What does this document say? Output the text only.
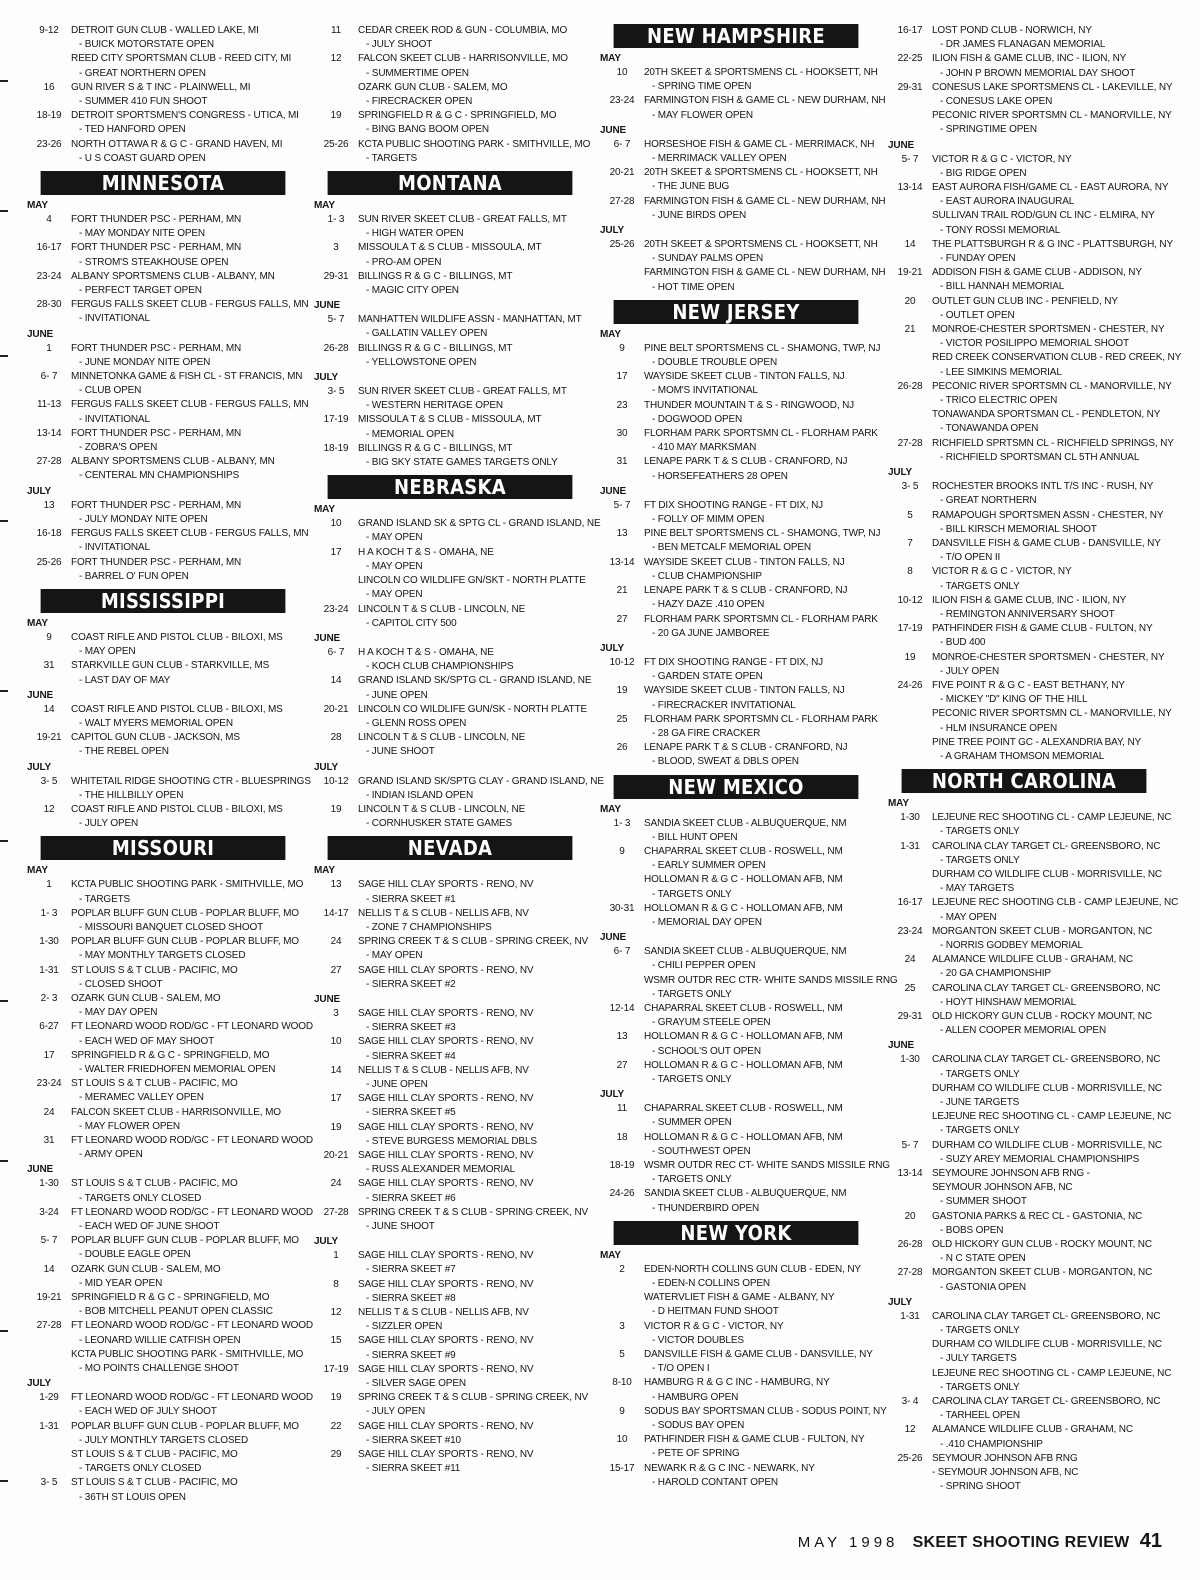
9-12	DETROIT GUN CLUB - WALLED LAKE, MI
- BUICK MOTORSTATE OPEN
REED CITY SPORTSMAN CLUB - REED CITY, MI
- GREAT NORTHERN OPEN
16	GUN RIVER S & T INC - PLAINWELL, MI
- SUMMER 410 FUN SHOOT
18-19 DETROIT SPORTSMEN'S CONGRESS - UTICA, MI
- TED HANFORD OPEN
23-26 NORTH OTTAWA R & G C - GRAND HAVEN, MI
- U S COAST GUARD OPEN
MINNESOTA
MAY
4	FORT THUNDER PSC - PERHAM, MN
- MAY MONDAY NITE OPEN
16-17 FORT THUNDER PSC - PERHAM, MN
- STROM'S STEAKHOUSE OPEN
23-24 ALBANY SPORTSMENS CLUB - ALBANY, MN
- PERFECT TARGET OPEN
28-30 FERGUS FALLS SKEET CLUB - FERGUS FALLS, MN
- INVITATIONAL
JUNE
1	FORT THUNDER PSC - PERHAM, MN
- JUNE MONDAY NITE OPEN
6- 7	MINNETONKA GAME & FISH CL - ST FRANCIS, MN
- CLUB OPEN
11-13 FERGUS FALLS SKEET CLUB - FERGUS FALLS, MN
- INVITATIONAL
13-14 FORT THUNDER PSC - PERHAM, MN
- ZOBRA'S OPEN
27-28 ALBANY SPORTSMENS CLUB - ALBANY, MN
- CENTERAL MN CHAMPIONSHIPS
JULY
13	FORT THUNDER PSC - PERHAM, MN
- JULY MONDAY NITE OPEN
16-18 FERGUS FALLS SKEET CLUB - FERGUS FALLS, MN
- INVITATIONAL
25-26 FORT THUNDER PSC - PERHAM, MN
- BARREL O' FUN OPEN
MISSISSIPPI
MAY
9	COAST RIFLE AND PISTOL CLUB - BILOXI, MS
- MAY OPEN
31	STARKVILLE GUN CLUB - STARKVILLE, MS
- LAST DAY OF MAY
JUNE
14	COAST RIFLE AND PISTOL CLUB - BILOXI, MS
- WALT MYERS MEMORIAL OPEN
19-21 CAPITOL GUN CLUB - JACKSON, MS
- THE REBEL OPEN
JULY
3- 5	WHITETAIL RIDGE SHOOTING CTR - BLUESPRINGS
- THE HILLBILLY OPEN
12	COAST RIFLE AND PISTOL CLUB - BILOXI, MS
- JULY OPEN
MISSOURI
MAY
1	KCTA PUBLIC SHOOTING PARK - SMITHVILLE, MO
- TARGETS
1- 3	POPLAR BLUFF GUN CLUB - POPLAR BLUFF, MO
- MISSOURI BANQUET CLOSED SHOOT
1-30	POPLAR BLUFF GUN CLUB - POPLAR BLUFF, MO
- MAY MONTHLY TARGETS CLOSED
1-31	ST LOUIS S & T CLUB - PACIFIC, MO
- CLOSED SHOOT
2- 3	OZARK GUN CLUB - SALEM, MO
- MAY DAY OPEN
6-27	FT LEONARD WOOD ROD/GC - FT LEONARD WOOD
- EACH WED OF MAY SHOOT
17	SPRINGFIELD R & G C - SPRINGFIELD, MO
- WALTER FRIEDHOFEN MEMORIAL OPEN
23-24 ST LOUIS S & T CLUB - PACIFIC, MO
- MERAMEC VALLEY OPEN
24	FALCON SKEET CLUB - HARRISONVILLE, MO
- MAY FLOWER OPEN
31	FT LEONARD WOOD ROD/GC - FT LEONARD WOOD
- ARMY OPEN
JUNE
1-30	ST LOUIS S & T CLUB - PACIFIC, MO
- TARGETS ONLY CLOSED
3-24	FT LEONARD WOOD ROD/GC - FT LEONARD WOOD
- EACH WED OF JUNE SHOOT
5- 7	POPLAR BLUFF GUN CLUB - POPLAR BLUFF, MO
- DOUBLE EAGLE OPEN
14	OZARK GUN CLUB - SALEM, MO
- MID YEAR OPEN
19-21 SPRINGFIELD R & G C - SPRINGFIELD, MO
- BOB MITCHELL PEANUT OPEN CLASSIC
27-28 FT LEONARD WOOD ROD/GC - FT LEONARD WOOD
- LEONARD WILLIE CATFISH OPEN
KCTA PUBLIC SHOOTING PARK - SMITHVILLE, MO
- MO POINTS CHALLENGE SHOOT
JULY
1-29	FT LEONARD WOOD ROD/GC - FT LEONARD WOOD
- EACH WED OF JULY SHOOT
1-31	POPLAR BLUFF GUN CLUB - POPLAR BLUFF, MO
- JULY MONTHLY TARGETS CLOSED
ST LOUIS S & T CLUB - PACIFIC, MO
- TARGETS ONLY CLOSED
3- 5	ST LOUIS S & T CLUB - PACIFIC, MO
- 36TH ST LOUIS OPEN
11	CEDAR CREEK ROD & GUN - COLUMBIA, MO
- JULY SHOOT
12	FALCON SKEET CLUB - HARRISONVILLE, MO
- SUMMERTIME OPEN
OZARK GUN CLUB - SALEM, MO
- FIRECRACKER OPEN
19	SPRINGFIELD R & G C - SPRINGFIELD, MO
- BING BANG BOOM OPEN
25-26 KCTA PUBLIC SHOOTING PARK - SMITHVILLE, MO
- TARGETS
MONTANA
MAY
1- 3	SUN RIVER SKEET CLUB - GREAT FALLS, MT
- HIGH WATER OPEN
3	MISSOULA T & S CLUB - MISSOULA, MT
- PRO-AM OPEN
29-31 BILLINGS R & G C - BILLINGS, MT
- MAGIC CITY OPEN
JUNE
5- 7	MANHATTEN WILDLIFE ASSN - MANHATTAN, MT
- GALLATIN VALLEY OPEN
26-28 BILLINGS R & G C - BILLINGS, MT
- YELLOWSTONE OPEN
JULY
3- 5	SUN RIVER SKEET CLUB - GREAT FALLS, MT
- WESTERN HERITAGE OPEN
17-19 MISSOULA T & S CLUB - MISSOULA, MT
- MEMORIAL OPEN
18-19 BILLINGS R & G C - BILLINGS, MT
- BIG SKY STATE GAMES TARGETS ONLY
NEBRASKA
MAY
10	GRAND ISLAND SK & SPTG CL - GRAND ISLAND, NE
- MAY OPEN
17	H A KOCH T & S - OMAHA, NE
- MAY OPEN
LINCOLN CO WILDLIFE GN/SKT - NORTH PLATTE
- MAY OPEN
23-24 LINCOLN T & S CLUB - LINCOLN, NE
- CAPITOL CITY 500
JUNE
6- 7	H A KOCH T & S - OMAHA, NE
- KOCH CLUB CHAMPIONSHIPS
14	GRAND ISLAND SK/SPTG CL - GRAND ISLAND, NE
- JUNE OPEN
20-21 LINCOLN CO WILDLIFE GUN/SK - NORTH PLATTE
- GLENN ROSS OPEN
28	LINCOLN T & S CLUB - LINCOLN, NE
- JUNE SHOOT
JULY
10-12 GRAND ISLAND SK/SPTG CLAY - GRAND ISLAND, NE
- INDIAN ISLAND OPEN
19	LINCOLN T & S CLUB - LINCOLN, NE
- CORNHUSKER STATE GAMES
NEVADA
MAY
13	SAGE HILL CLAY SPORTS - RENO, NV
- SIERRA SKEET #1
14-17 NELLIS T & S CLUB - NELLIS AFB, NV
- ZONE 7 CHAMPIONSHIPS
24	SPRING CREEK T & S CLUB - SPRING CREEK, NV
- MAY OPEN
27	SAGE HILL CLAY SPORTS - RENO, NV
- SIERRA SKEET #2
JUNE
3	SAGE HILL CLAY SPORTS - RENO, NV
- SIERRA SKEET #3
10	SAGE HILL CLAY SPORTS - RENO, NV
- SIERRA SKEET #4
14	NELLIS T & S CLUB - NELLIS AFB, NV
- JUNE OPEN
17	SAGE HILL CLAY SPORTS - RENO, NV
- SIERRA SKEET #5
19	SAGE HILL CLAY SPORTS - RENO, NV
- STEVE BURGESS MEMORIAL DBLS
20-21 SAGE HILL CLAY SPORTS - RENO, NV
- RUSS ALEXANDER MEMORIAL
24	SAGE HILL CLAY SPORTS - RENO, NV
- SIERRA SKEET #6
27-28 SPRING CREEK T & S CLUB - SPRING CREEK, NV
- JUNE SHOOT
JULY
1	SAGE HILL CLAY SPORTS - RENO, NV
- SIERRA SKEET #7
8	SAGE HILL CLAY SPORTS - RENO, NV
- SIERRA SKEET #8
12	NELLIS T & S CLUB - NELLIS AFB, NV
- SIZZLER OPEN
15	SAGE HILL CLAY SPORTS - RENO, NV
- SIERRA SKEET #9
17-19 SAGE HILL CLAY SPORTS - RENO, NV
- SILVER SAGE OPEN
19	SPRING CREEK T & S CLUB - SPRING CREEK, NV
- JULY OPEN
22	SAGE HILL CLAY SPORTS - RENO, NV
- SIERRA SKEET #10
29	SAGE HILL CLAY SPORTS - RENO, NV
- SIERRA SKEET #11
NEW HAMPSHIRE
MAY
10	20TH SKEET & SPORTSMENS CL - HOOKSETT, NH
- SPRING TIME OPEN
23-24 FARMINGTON FISH & GAME CL - NEW DURHAM, NH
- MAY FLOWER OPEN
JUNE
6- 7	HORSESHOE FISH & GAME CL - MERRIMACK, NH
- MERRIMACK VALLEY OPEN
20-21 20TH SKEET & SPORTSMENS CL - HOOKSETT, NH
- THE JUNE BUG
27-28 FARMINGTON FISH & GAME CL - NEW DURHAM, NH
- JUNE BIRDS OPEN
JULY
25-26 20TH SKEET & SPORTSMENS CL - HOOKSETT, NH
- SUNDAY PALMS OPEN
FARMINGTON FISH & GAME CL - NEW DURHAM, NH
- HOT TIME OPEN
NEW JERSEY
MAY
9	PINE BELT SPORTSMENS CL - SHAMONG, TWP, NJ
- DOUBLE TROUBLE OPEN
17	WAYSIDE SKEET CLUB - TINTON FALLS, NJ
- MOM'S INVITATIONAL
23	THUNDER MOUNTAIN T & S - RINGWOOD, NJ
- DOGWOOD OPEN
30	FLORHAM PARK SPORTSMN CL - FLORHAM PARK
- 410 MAY MARKSMAN
31	LENAPE PARK T & S CLUB - CRANFORD, NJ
- HORSEFEATHERS 28 OPEN
JUNE
5- 7	FT DIX SHOOTING RANGE - FT DIX, NJ
- FOLLY OF MIMM OPEN
13	PINE BELT SPORTSMENS CL - SHAMONG, TWP, NJ
- BEN METCALF MEMORIAL OPEN
13-14 WAYSIDE SKEET CLUB - TINTON FALLS, NJ
- CLUB CHAMPIONSHIP
21	LENAPE PARK T & S CLUB - CRANFORD, NJ
- HAZY DAZE .410 OPEN
27	FLORHAM PARK SPORTSMN CL - FLORHAM PARK
- 20 GA JUNE JAMBOREE
JULY
10-12 FT DIX SHOOTING RANGE - FT DIX, NJ
- GARDEN STATE OPEN
19	WAYSIDE SKEET CLUB - TINTON FALLS, NJ
- FIRECRACKER INVITATIONAL
25	FLORHAM PARK SPORTSMN CL - FLORHAM PARK
- 28 GA FIRE CRACKER
26	LENAPE PARK T & S CLUB - CRANFORD, NJ
- BLOOD, SWEAT & DBLS OPEN
NEW MEXICO
MAY
1- 3	SANDIA SKEET CLUB - ALBUQUERQUE, NM
- BILL HUNT OPEN
9	CHAPARRAL SKEET CLUB - ROSWELL, NM
- EARLY SUMMER OPEN
HOLLOMAN R & G C - HOLLOMAN AFB, NM
- TARGETS ONLY
30-31 HOLLOMAN R & G C - HOLLOMAN AFB, NM
- MEMORIAL DAY OPEN
JUNE
6- 7	SANDIA SKEET CLUB - ALBUQUERQUE, NM
- CHILI PEPPER OPEN
WSMR OUTDR REC CTR- WHITE SANDS MISSILE RNG
- TARGETS ONLY
12-14 CHAPARRAL SKEET CLUB - ROSWELL, NM
- GRAYUM STEELE OPEN
13	HOLLOMAN R & G C - HOLLOMAN AFB, NM
- SCHOOL'S OUT OPEN
27	HOLLOMAN R & G C - HOLLOMAN AFB, NM
- TARGETS ONLY
JULY
11	CHAPARRAL SKEET CLUB - ROSWELL, NM
- SUMMER OPEN
18	HOLLOMAN R & G C - HOLLOMAN AFB, NM
- SOUTHWEST OPEN
18-19 WSMR OUTDR REC CT- WHITE SANDS MISSILE RNG
- TARGETS ONLY
24-26 SANDIA SKEET CLUB - ALBUQUERQUE, NM
- THUNDERBIRD OPEN
NEW YORK
MAY
2	EDEN-NORTH COLLINS GUN CLUB - EDEN, NY
- EDEN-N COLLINS OPEN
WATERVLIET FISH & GAME - ALBANY, NY
- D HEITMAN FUND SHOOT
3	VICTOR R & G C - VICTOR, NY
- VICTOR DOUBLES
5	DANSVILLE FISH & GAME CLUB - DANSVILLE, NY
- T/O OPEN I
8-10	HAMBURG R & G C INC - HAMBURG, NY
- HAMBURG OPEN
9	SODUS BAY SPORTSMAN CLUB - SODUS POINT, NY
- SODUS BAY OPEN
10	PATHFINDER FISH & GAME CLUB - FULTON, NY
- PETE OF SPRING
15-17 NEWARK R & G C INC - NEWARK, NY
- HAROLD CONTANT OPEN
16-17 LOST POND CLUB - NORWICH, NY
- DR JAMES FLANAGAN MEMORIAL
22-25 ILION FISH & GAME CLUB, INC - ILION, NY
- JOHN P BROWN MEMORIAL DAY SHOOT
29-31 CONESUS LAKE SPORTSMENS CL - LAKEVILLE, NY
- CONESUS LAKE OPEN
PECONIC RIVER SPORTSMN CL - MANORVILLE, NY
- SPRINGTIME OPEN
JUNE
5- 7	VICTOR R & G C - VICTOR, NY
- BIG RIDGE OPEN
13-14 EAST AURORA FISH/GAME CL - EAST AURORA, NY
- EAST AURORA INAUGURAL
SULLIVAN TRAIL ROD/GUN CL INC - ELMIRA, NY
- TONY ROSSI MEMORIAL
14	THE PLATTSBURGH R & G INC - PLATTSBURGH, NY
- FUNDAY OPEN
19-21 ADDISON FISH & GAME CLUB - ADDISON, NY
- BILL HANNAH MEMORIAL
20	OUTLET GUN CLUB INC - PENFIELD, NY
- OUTLET OPEN
21	MONROE-CHESTER SPORTSMEN - CHESTER, NY
- VICTOR POSILIPPO MEMORIAL SHOOT
RED CREEK CONSERVATION CLUB - RED CREEK, NY
- LEE SIMKINS MEMORIAL
26-28 PECONIC RIVER SPORTSMN CL - MANORVILLE, NY
- TRICO ELECTRIC OPEN
TONAWANDA SPORTSMAN CL - PENDLETON, NY
- TONAWANDA OPEN
27-28 RICHFIELD SPRTSMN CL - RICHFIELD SPRINGS, NY
- RICHFIELD SPORTSMAN CL 5TH ANNUAL
JULY
3- 5	ROCHESTER BROOKS INTL T/S INC - RUSH, NY
- GREAT NORTHERN
5	RAMAPOUGH SPORTSMEN ASSN - CHESTER, NY
- BILL KIRSCH MEMORIAL SHOOT
7	DANSVILLE FISH & GAME CLUB - DANSVILLE, NY
- T/O OPEN II
8	VICTOR R & G C - VICTOR, NY
- TARGETS ONLY
10-12 ILION FISH & GAME CLUB, INC - ILION, NY
- REMINGTON ANNIVERSARY SHOOT
17-19 PATHFINDER FISH & GAME CLUB - FULTON, NY
- BUD 400
19	MONROE-CHESTER SPORTSMEN - CHESTER, NY
- JULY OPEN
24-26 FIVE POINT R & G C - EAST BETHANY, NY
- MICKEY "D" KING OF THE HILL
PECONIC RIVER SPORTSMN CL - MANORVILLE, NY
- HLM INSURANCE OPEN
PINE TREE POINT GC - ALEXANDRIA BAY, NY
- A GRAHAM THOMSON MEMORIAL
NORTH CAROLINA
MAY
1-30	LEJEUNE REC SHOOTING CL - CAMP LEJEUNE, NC
- TARGETS ONLY
1-31	CAROLINA CLAY TARGET CL- GREENSBORO, NC
- TARGETS ONLY
DURHAM CO WILDLIFE CLUB - MORRISVILLE, NC
- MAY TARGETS
16-17 LEJEUNE REC SHOOTING CLB - CAMP LEJEUNE, NC
- MAY OPEN
23-24 MORGANTON SKEET CLUB - MORGANTON, NC
- NORRIS GODBEY MEMORIAL
24	ALAMANCE WILDLIFE CLUB - GRAHAM, NC
- 20 GA CHAMPIONSHIP
25	CAROLINA CLAY TARGET CL- GREENSBORO, NC
- HOYT HINSHAW MEMORIAL
29-31 OLD HICKORY GUN CLUB - ROCKY MOUNT, NC
- ALLEN COOPER MEMORIAL OPEN
JUNE
1-30	CAROLINA CLAY TARGET CL- GREENSBORO, NC
- TARGETS ONLY
DURHAM CO WILDLIFE CLUB - MORRISVILLE, NC
- JUNE TARGETS
LEJEUNE REC SHOOTING CL - CAMP LEJEUNE, NC
- TARGETS ONLY
5- 7	DURHAM CO WILDLIFE CLUB - MORRISVILLE, NC
- SUZY AREY MEMORIAL CHAMPIONSHIPS
13-14 SEYMOURE JOHNSON AFB RNG -
SEYMOUR JOHNSON AFB, NC
- SUMMER SHOOT
20	GASTONIA PARKS & REC CL - GASTONIA, NC
- BOBS OPEN
26-28 OLD HICKORY GUN CLUB - ROCKY MOUNT, NC
- N C STATE OPEN
27-28 MORGANTON SKEET CLUB - MORGANTON, NC
- GASTONIA OPEN
JULY
1-31	CAROLINA CLAY TARGET CL- GREENSBORO, NC
- TARGETS ONLY
DURHAM CO WILDLIFE CLUB - MORRISVILLE, NC
- JULY TARGETS
LEJEUNE REC SHOOTING CL - CAMP LEJEUNE, NC
- TARGETS ONLY
3- 4	CAROLINA CLAY TARGET CL- GREENSBORO, NC
- TARHEEL OPEN
12	ALAMANCE WILDLIFE CLUB - GRAHAM, NC
- .410 CHAMPIONSHIP
25-26 SEYMOUR JOHNSON AFB RNG
- SEYMOUR JOHNSON AFB, NC
- SPRING SHOOT
MAY 1998 SKEET SHOOTING REVIEW 41
